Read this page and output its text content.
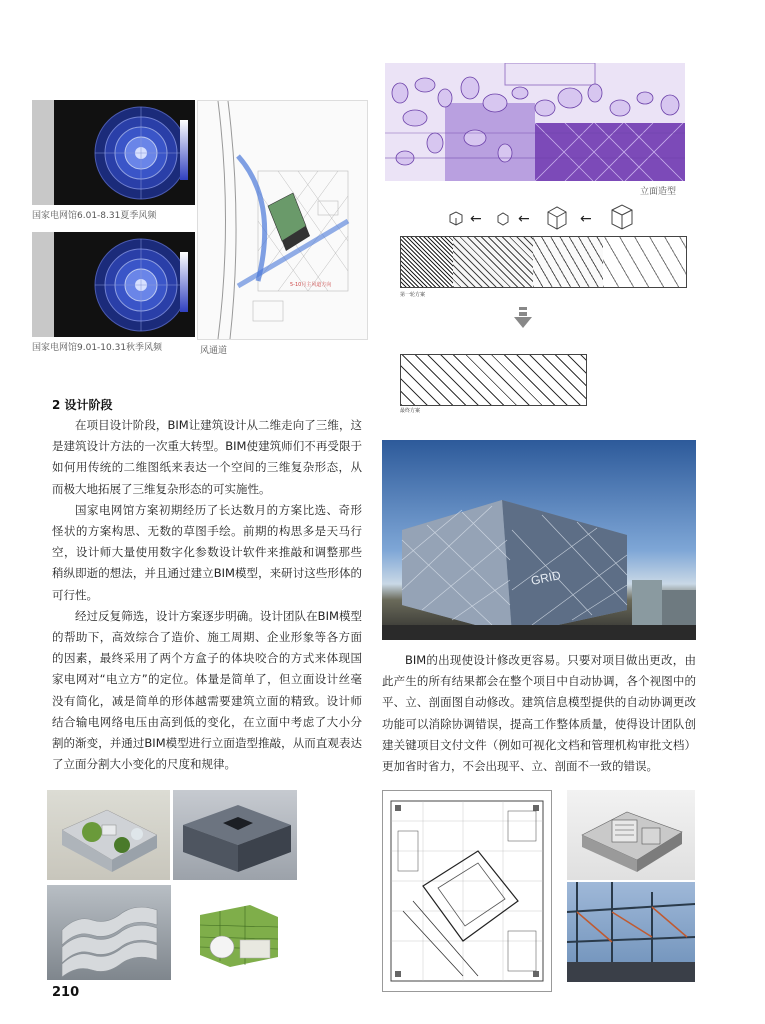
国家电网馆6.01-8.31夏季风频
国家电网馆9.01-10.31秋季风频
5-10月主风道方向
风通道
立面造型
←	←	←
第一轮方案
最终方案
GRID
2 设计阶段

在项目设计阶段，BIM让建筑设计从二维走向了三维，这是建筑设计方法的一次重大转型。BIM使建筑师们不再受限于如何用传统的二维图纸来表达一个空间的三维复杂形态，从而极大地拓展了三维复杂形态的可实施性。

国家电网馆方案初期经历了长达数月的方案比选、奇形怪状的方案构思、无数的草图手绘。前期的构思多是天马行空，设计师大量使用数字化参数设计软件来推敲和调整那些稍纵即逝的想法，并且通过建立BIM模型，来研讨这些形体的可行性。

经过反复筛选，设计方案逐步明确。设计团队在BIM模型的帮助下，高效综合了造价、施工周期、企业形象等各方面的因素，最终采用了两个方盒子的体块咬合的方式来体现国家电网对“电立方”的定位。体量是简单了，但立面设计丝毫没有简化，减是简单的形体越需要建筑立面的精致。设计师结合输电网络电压由高到低的变化，在立面中考虑了大小分割的渐变，并通过BIM模型进行立面造型推敲，从而直观表达了立面分割大小变化的尺度和规律。

BIM的出现使设计修改更容易。只要对项目做出更改，由此产生的所有结果都会在整个项目中自动协调，各个视图中的平、立、剖面图自动修改。建筑信息模型提供的自动协调更改功能可以消除协调错误，提高工作整体质量，使得设计团队创建关键项目文付文件（例如可视化文档和管理机构审批文档）更加省时省力，不会出现平、立、剖面不一致的错误。

210
